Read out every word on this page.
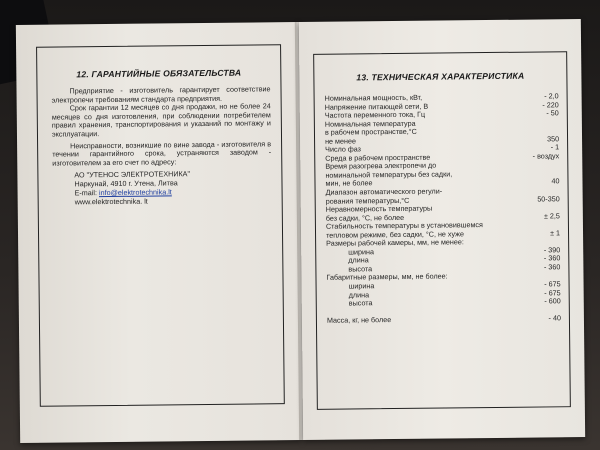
12. ГАРАНТИЙНЫЕ ОБЯЗАТЕЛЬСТВА

Предприятие - изготовитель гарантирует соответствие электропечи требованиям стандарта предприятия.

Срок гарантии 12 месяцев со дня продажи, но не более 24 месяцев со дня изготовления, при соблюдении потребителем правил хранения, транспортирования и указаний по монтажу и эксплуатации.

Неисправности, возникшие по вине завода - изготовителя в течении гарантийного срока, устраняются заводом - изготовителем за его счет по адресу:

АО "УТЕНОС ЭЛЕКТРОТЕХНИКА"
Наркунай, 4910 г. Утена, Литва
E-mail: info@elektrotechnika.lt
www.elektrotechnika. lt
13. ТЕХНИЧЕСКАЯ ХАРАКТЕРИСТИКА
Номинальная мощность, кВт,	- 2,0
Напряжение питающей сети, В	- 220
Частота переменного тока, Гц	- 50
Номинальная температура
в рабочем пространстве,°С
не менее	350
Число фаз	- 1
Среда в рабочем пространстве	- воздух
Время разогрева электропечи до
номинальной температуры без садки,
мин, не более	40
Диапазон автоматического регули-
рования температуры,°С	50-350
Неравномерность температуры
без садки, °С, не более	± 2,5
Стабильность температуры в установившемся
тепловом режиме, без садки, °С, не хуже	± 1
Размеры рабочей камеры, мм, не менее:
ширина	- 390
длина	- 360
высота	- 360
Габаритные размеры, мм, не более:
ширина	- 675
длина	- 675
высота	- 600
Масса, кг, не более	- 40
